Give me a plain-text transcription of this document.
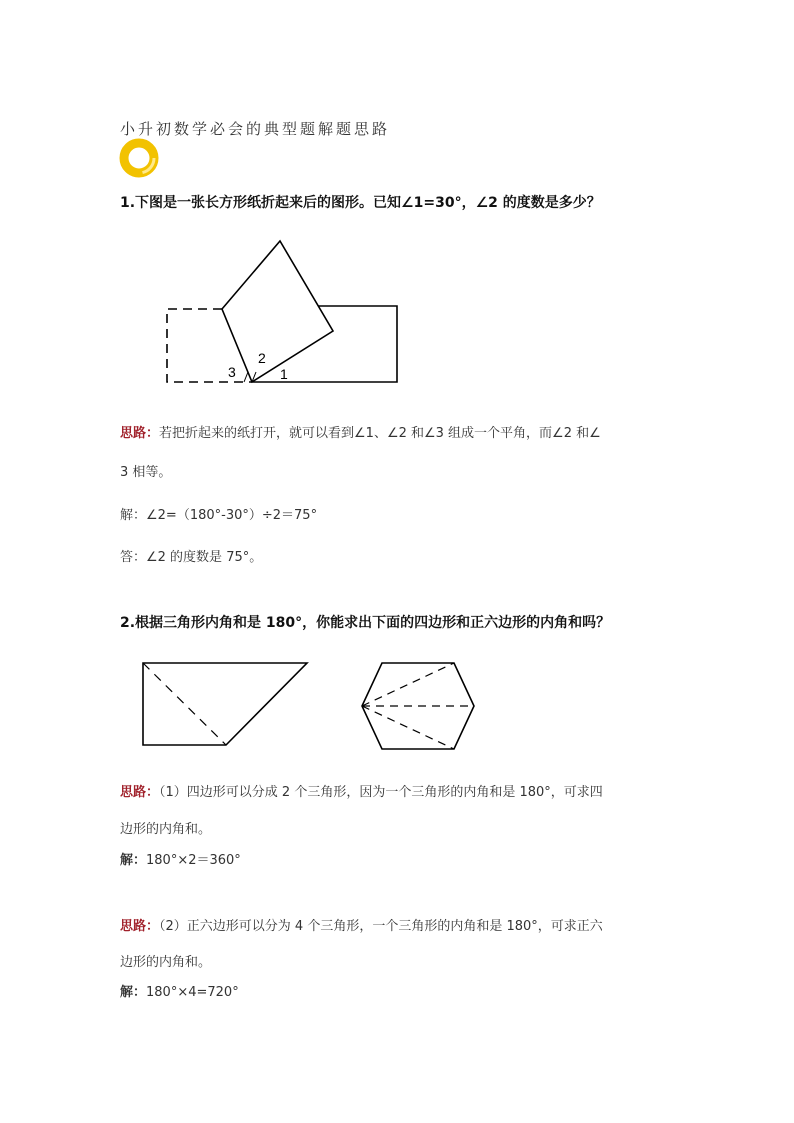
小升初数学必会的典型题解题思路
1.下图是一张长方形纸折起来后的图形。已知∠1=30°，∠2 的度数是多少？
3
2
1
思路：若把折起来的纸打开，就可以看到∠1、∠2 和∠3 组成一个平角，而∠2 和∠
3 相等。
解：∠2=（180°-30°）÷2＝75°
答：∠2 的度数是 75°。
2.根据三角形内角和是 180°，你能求出下面的四边形和正六边形的内角和吗？
思路：（1）四边形可以分成 2 个三角形，因为一个三角形的内角和是 180°，可求四
边形的内角和。
解：180°×2＝360°
思路：（2）正六边形可以分为 4 个三角形，一个三角形的内角和是 180°，可求正六
边形的内角和。
解：180°×4=720°
